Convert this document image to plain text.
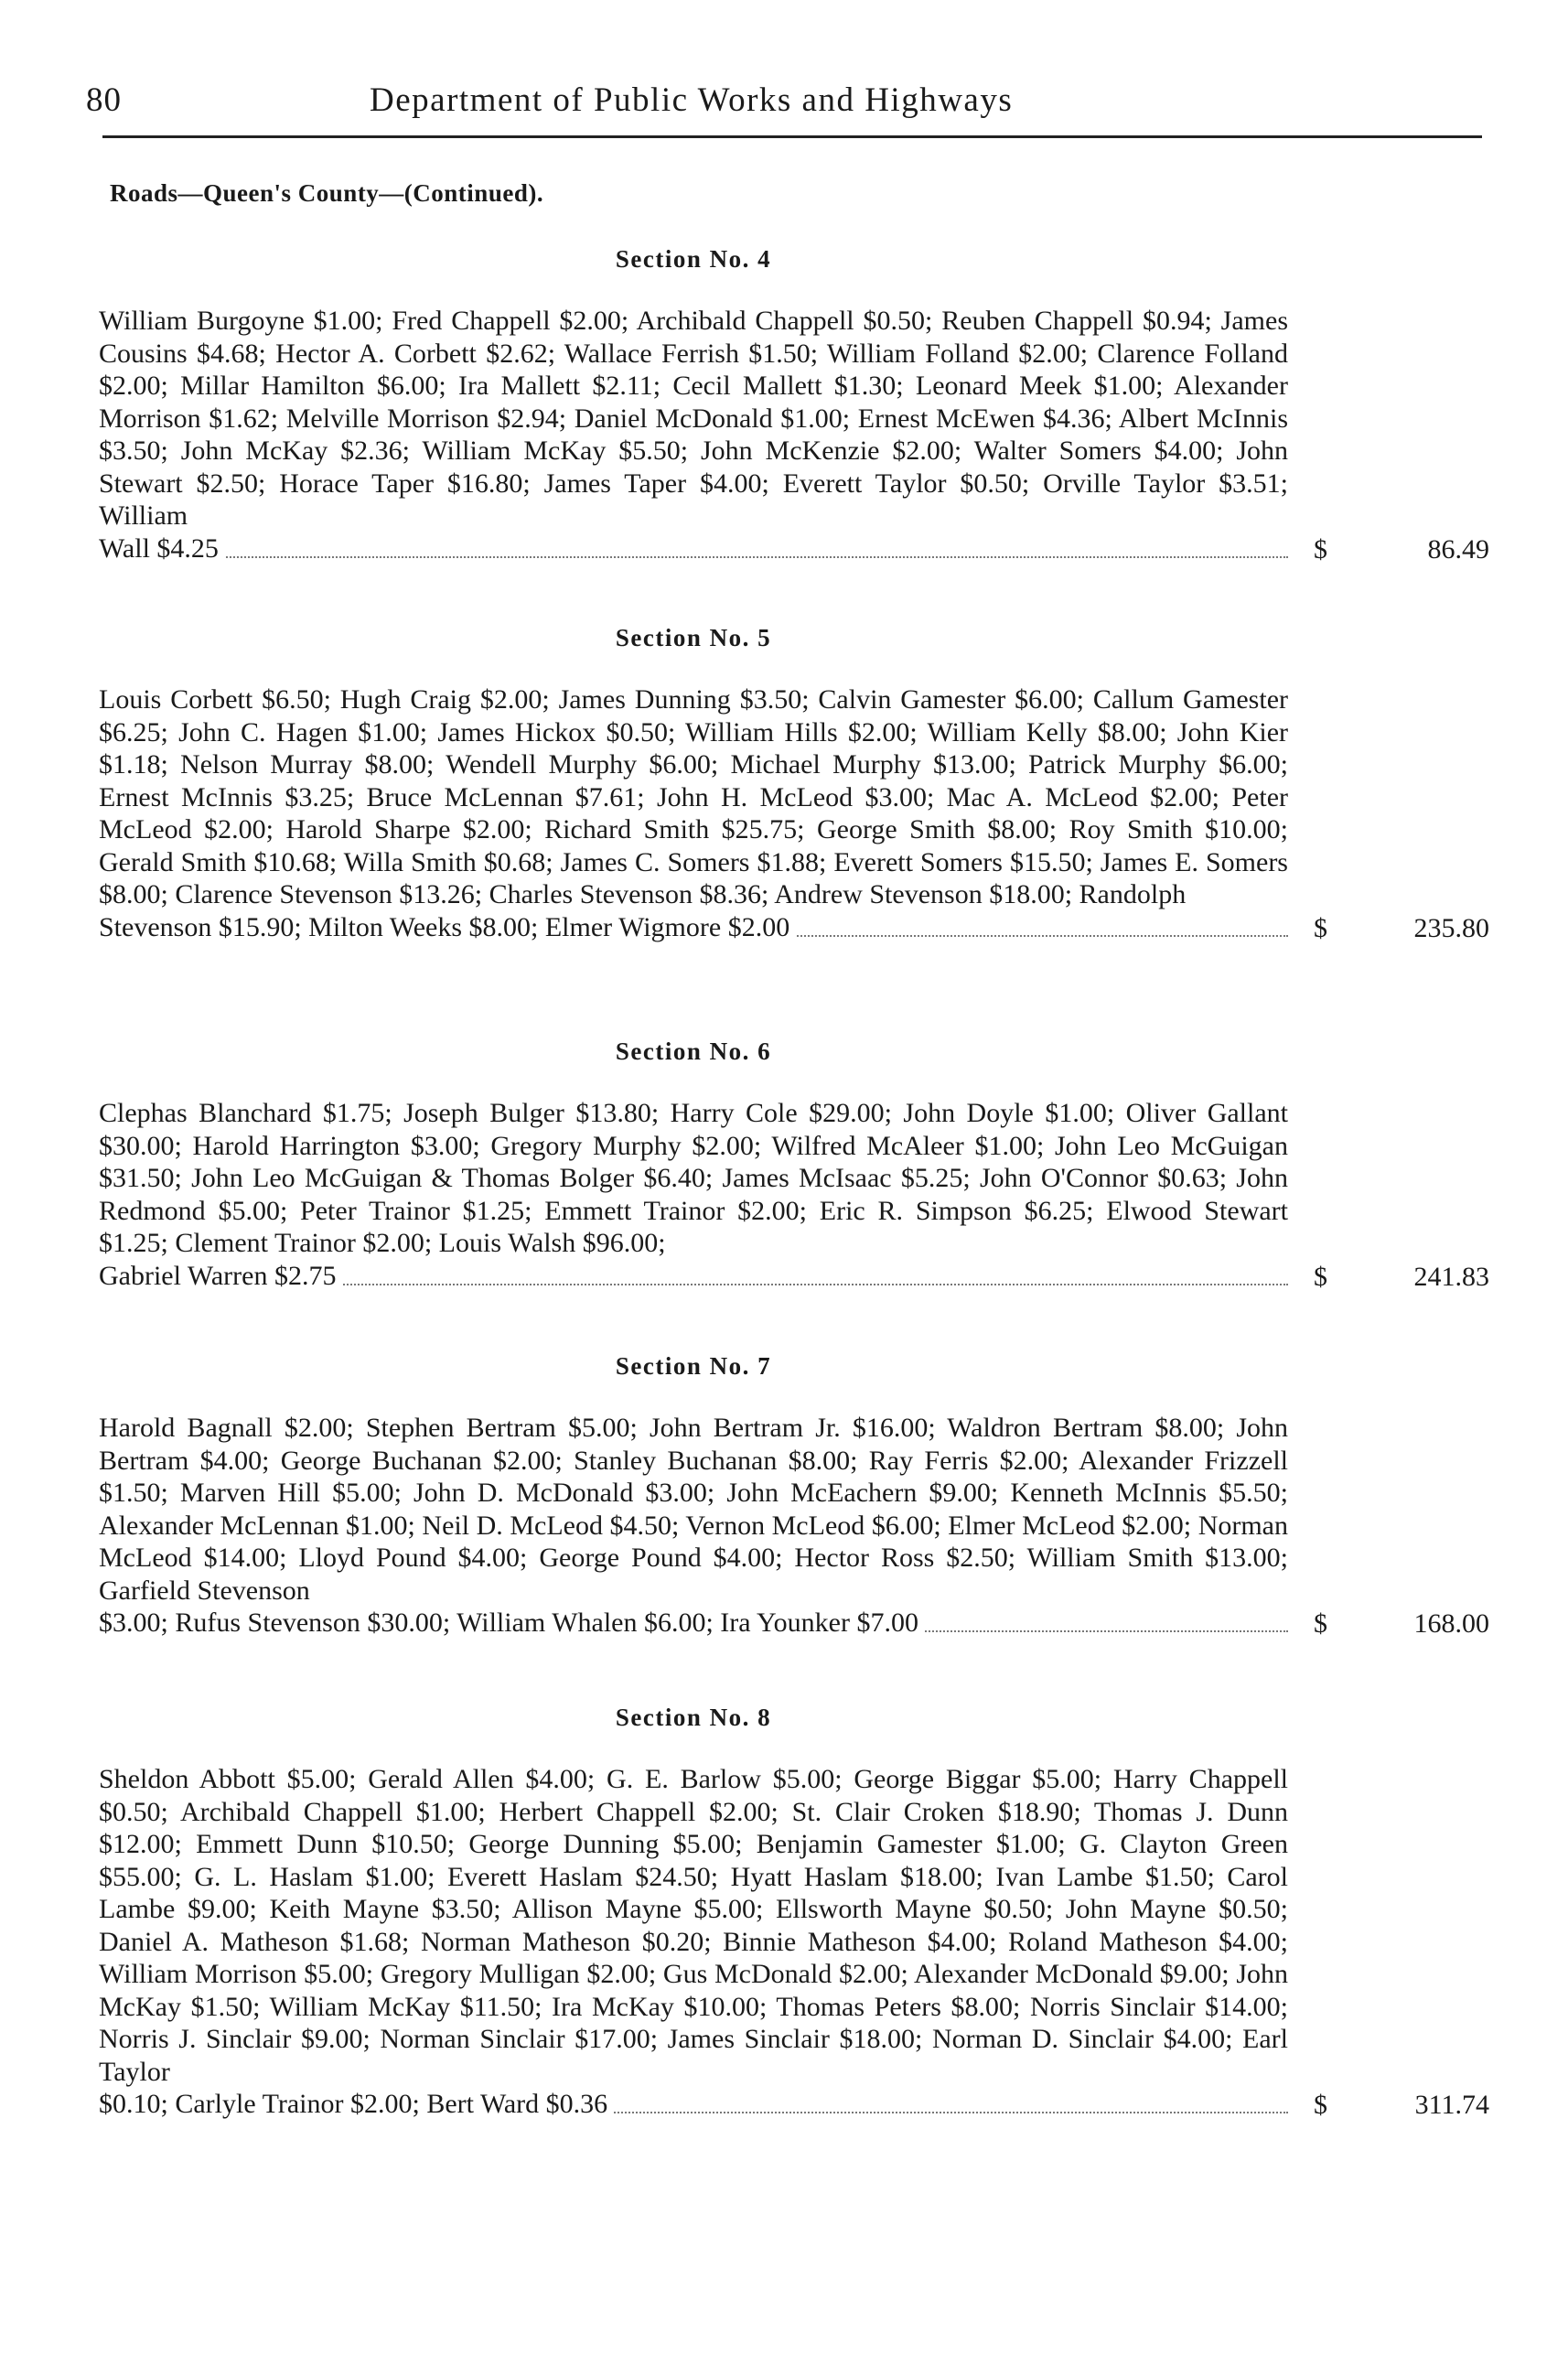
80	Department of Public Works and Highways
Roads—Queen's County—(Continued).
Section No. 4
William Burgoyne $1.00; Fred Chappell $2.00; Archibald Chappell $0.50; Reuben Chappell $0.94; James Cousins $4.68; Hector A. Corbett $2.62; Wallace Ferrish $1.50; William Folland $2.00; Clarence Folland $2.00; Millar Hamilton $6.00; Ira Mallett $2.11; Cecil Mallett $1.30; Leonard Meek $1.00; Alexander Morrison $1.62; Melville Morrison $2.94; Daniel McDonald $1.00; Ernest McEwen $4.36; Albert McInnis $3.50; John McKay $2.36; William McKay $5.50; John McKenzie $2.00; Walter Somers $4.00; John Stewart $2.50; Horace Taper $16.80; James Taper $4.00; Everett Taylor $0.50; Orville Taylor $3.51; William
Wall $4.25	$	86.49
Section No. 5
Louis Corbett $6.50; Hugh Craig $2.00; James Dunning $3.50; Calvin Gamester $6.00; Callum Gamester $6.25; John C. Hagen $1.00; James Hickox $0.50; William Hills $2.00; William Kelly $8.00; John Kier $1.18; Nelson Murray $8.00; Wendell Murphy $6.00; Michael Murphy $13.00; Patrick Murphy $6.00; Ernest McInnis $3.25; Bruce McLennan $7.61; John H. McLeod $3.00; Mac A. McLeod $2.00; Peter McLeod $2.00; Harold Sharpe $2.00; Richard Smith $25.75; George Smith $8.00; Roy Smith $10.00; Gerald Smith $10.68; Willa Smith $0.68; James C. Somers $1.88; Everett Somers $15.50; James E. Somers $8.00; Clarence Stevenson $13.26; Charles Stevenson $8.36; Andrew Stevenson $18.00; Randolph
Stevenson $15.90; Milton Weeks $8.00; Elmer Wigmore $2.00	$	235.80
Section No. 6
Clephas Blanchard $1.75; Joseph Bulger $13.80; Harry Cole $29.00; John Doyle $1.00; Oliver Gallant $30.00; Harold Harrington $3.00; Gregory Murphy $2.00; Wilfred McAleer $1.00; John Leo McGuigan $31.50; John Leo McGuigan & Thomas Bolger $6.40; James McIsaac $5.25; John O'Connor $0.63; John Redmond $5.00; Peter Trainor $1.25; Emmett Trainor $2.00; Eric R. Simpson $6.25; Elwood Stewart $1.25; Clement Trainor $2.00; Louis Walsh $96.00;
Gabriel Warren $2.75	$	241.83
Section No. 7
Harold Bagnall $2.00; Stephen Bertram $5.00; John Bertram Jr. $16.00; Waldron Bertram $8.00; John Bertram $4.00; George Buchanan $2.00; Stanley Buchanan $8.00; Ray Ferris $2.00; Alexander Frizzell $1.50; Marven Hill $5.00; John D. McDonald $3.00; John McEachern $9.00; Kenneth McInnis $5.50; Alexander McLennan $1.00; Neil D. McLeod $4.50; Vernon McLeod $6.00; Elmer McLeod $2.00; Norman McLeod $14.00; Lloyd Pound $4.00; George Pound $4.00; Hector Ross $2.50; William Smith $13.00; Garfield Stevenson
$3.00; Rufus Stevenson $30.00; William Whalen $6.00; Ira Younker $7.00	$	168.00
Section No. 8
Sheldon Abbott $5.00; Gerald Allen $4.00; G. E. Barlow $5.00; George Biggar $5.00; Harry Chappell $0.50; Archibald Chappell $1.00; Herbert Chappell $2.00; St. Clair Croken $18.90; Thomas J. Dunn $12.00; Emmett Dunn $10.50; George Dunning $5.00; Benjamin Gamester $1.00; G. Clayton Green $55.00; G. L. Haslam $1.00; Everett Haslam $24.50; Hyatt Haslam $18.00; Ivan Lambe $1.50; Carol Lambe $9.00; Keith Mayne $3.50; Allison Mayne $5.00; Ellsworth Mayne $0.50; John Mayne $0.50; Daniel A. Matheson $1.68; Norman Matheson $0.20; Binnie Matheson $4.00; Roland Matheson $4.00; William Morrison $5.00; Gregory Mulligan $2.00; Gus McDonald $2.00; Alexander McDonald $9.00; John McKay $1.50; William McKay $11.50; Ira McKay $10.00; Thomas Peters $8.00; Norris Sinclair $14.00; Norris J. Sinclair $9.00; Norman Sinclair $17.00; James Sinclair $18.00; Norman D. Sinclair $4.00; Earl Taylor
$0.10; Carlyle Trainor $2.00; Bert Ward $0.36	$	311.74
